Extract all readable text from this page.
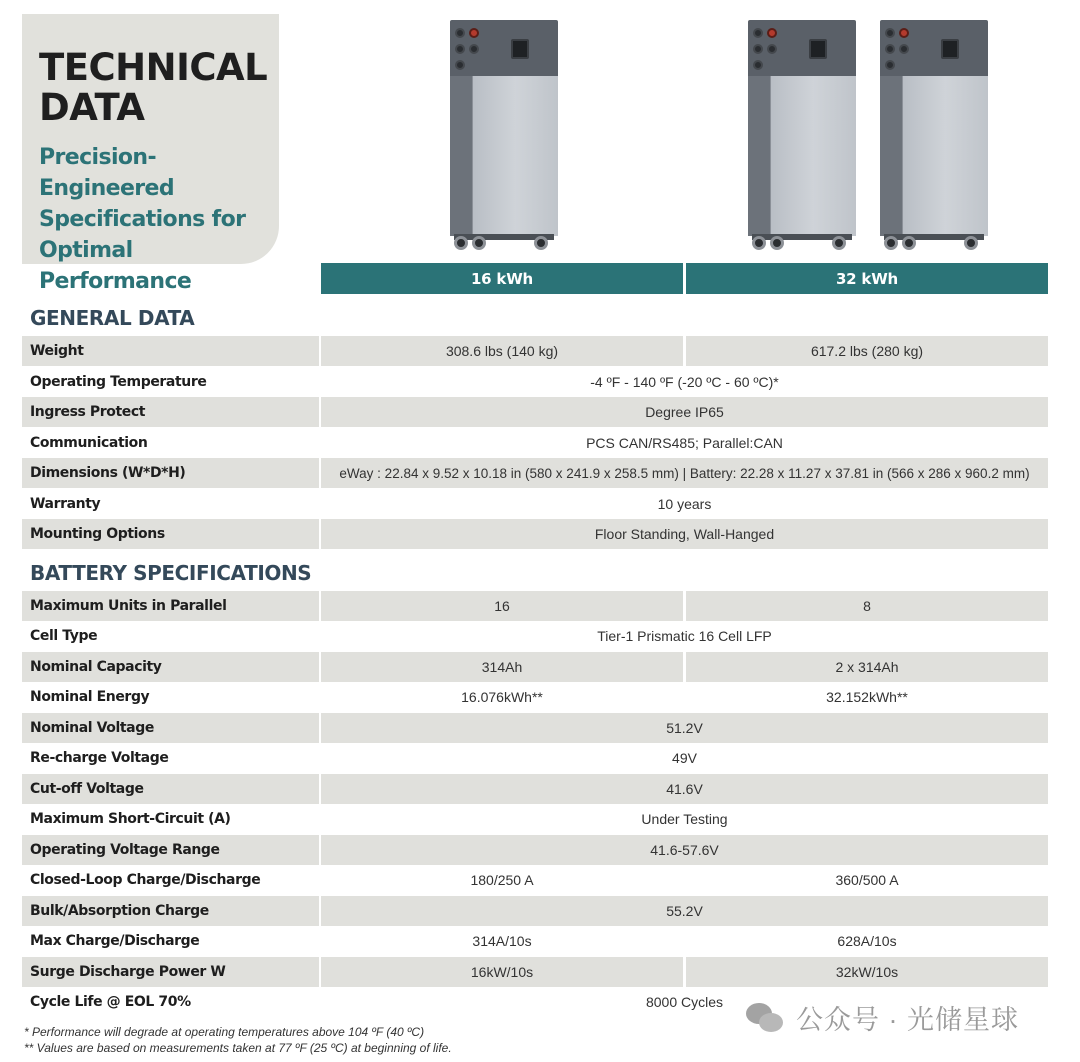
TECHNICAL
DATA
Precision-Engineered
Specifications for
Optimal Performance	16 kWh	32 kWh
GENERAL DATA
Weight	308.6 lbs (140 kg)	617.2 lbs (280 kg)
Operating Temperature	-4 ºF - 140 ºF (-20 ºC - 60 ºC)*
Ingress Protect	Degree IP65
Communication	PCS CAN/RS485; Parallel:CAN
Dimensions (W*D*H)	eWay : 22.84 x 9.52 x 10.18 in (580 x 241.9 x 258.5 mm) | Battery: 22.28 x 11.27 x 37.81 in (566 x 286 x 960.2 mm)
Warranty	10 years
Mounting Options	Floor Standing, Wall-Hanged
BATTERY SPECIFICATIONS
Maximum Units in Parallel	16	8
Cell Type	Tier-1 Prismatic 16 Cell LFP
Nominal Capacity	314Ah	2 x 314Ah
Nominal Energy	16.076kWh**	32.152kWh**
Nominal Voltage	51.2V
Re-charge Voltage	49V
Cut-off Voltage	41.6V
Maximum Short-Circuit (A)	Under Testing
Operating Voltage Range	41.6-57.6V
Closed-Loop Charge/Discharge	180/250 A	360/500 A
Bulk/Absorption Charge	55.2V
Max Charge/Discharge	314A/10s	628A/10s
Surge Discharge Power W	16kW/10s	32kW/10s
Cycle Life @ EOL 70%	8000 Cycles
* Performance will degrade at operating temperatures above 104 ºF (40 ºC)
** Values are based on measurements taken at 77 ºF (25 ºC) at beginning of life.
公众号 · 光储星球
